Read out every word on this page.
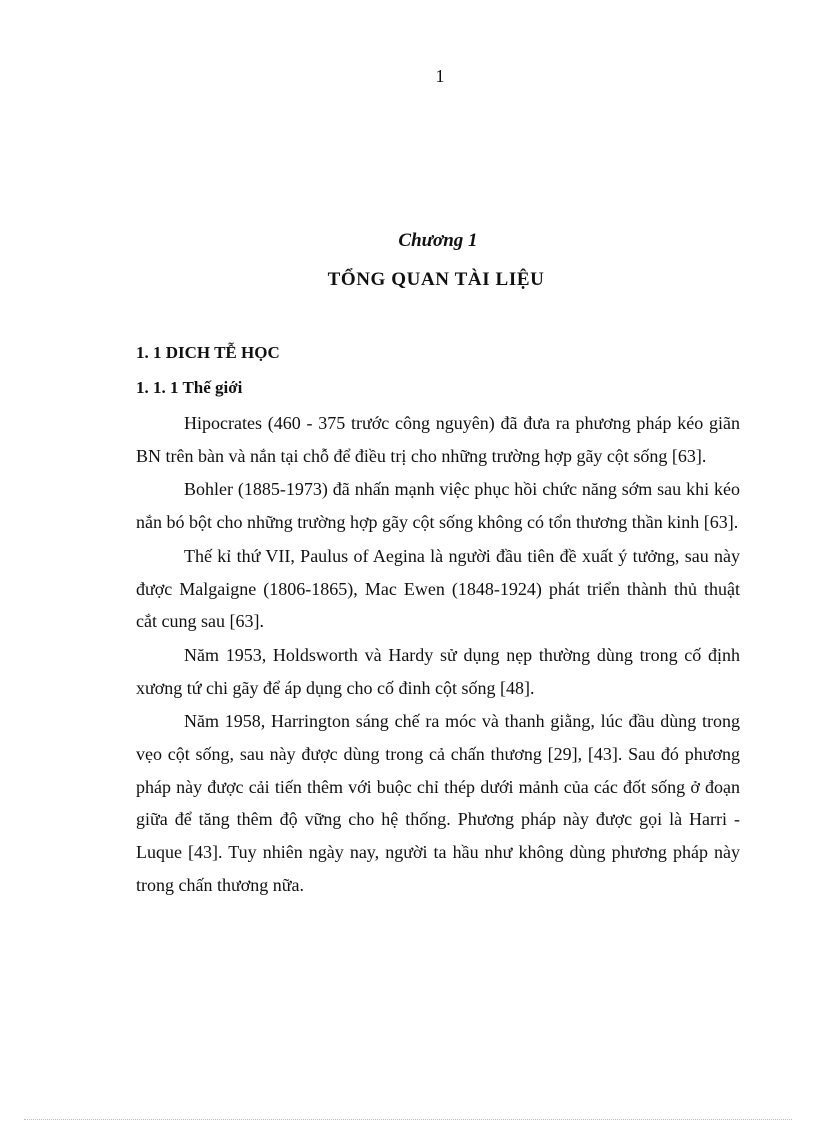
1
Chương 1
TỔNG QUAN TÀI LIỆU

1. 1 DICH TỄ HỌC

1. 1. 1 Thế giới

Hipocrates (460 - 375 trước công nguyên) đã đưa ra phương pháp kéo giãn BN trên bàn và nắn tại chỗ để điều trị cho những trường hợp gãy cột sống [63].

Bohler (1885-1973) đã nhấn mạnh việc phục hồi chức năng sớm sau khi kéo nắn bó bột cho những trường hợp gãy cột sống không có tổn thương thần kinh [63].

Thế kỉ thứ VII, Paulus of Aegina là người đầu tiên đề xuất ý tưởng, sau này được Malgaigne (1806-1865), Mac Ewen (1848-1924) phát triển thành thủ thuật cắt cung sau [63].

Năm 1953, Holdsworth và Hardy sử dụng nẹp thường dùng trong cố định xương tứ chi gãy để áp dụng cho cố đinh cột sống [48].

Năm 1958, Harrington sáng chế ra móc và thanh giằng, lúc đầu dùng trong vẹo cột sống, sau này được dùng trong cả chấn thương [29], [43]. Sau đó phương pháp này được cải tiến thêm với buộc chỉ thép dưới mảnh của các đốt sống ở đoạn giữa để tăng thêm độ vững cho hệ thống. Phương pháp này được gọi là Harri - Luque [43]. Tuy nhiên ngày nay, người ta hầu như không dùng phương pháp này trong chấn thương nữa.
